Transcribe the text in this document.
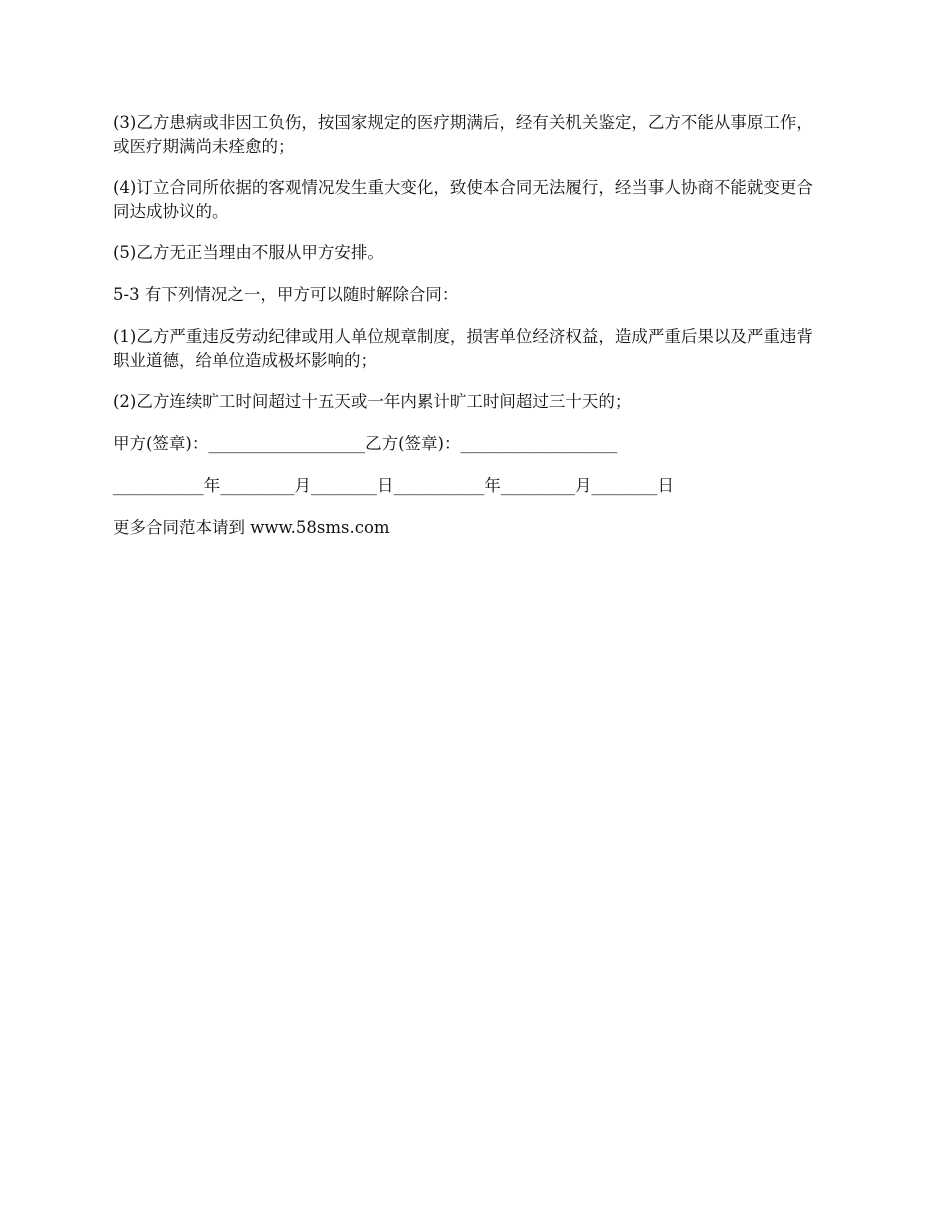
(3)乙方患病或非因工负伤，按国家规定的医疗期满后，经有关机关鉴定，乙方不能从事原工作，或医疗期满尚未痊愈的；

(4)订立合同所依据的客观情况发生重大变化，致使本合同无法履行，经当事人协商不能就变更合同达成协议的。

(5)乙方无正当理由不服从甲方安排。

5-3 有下列情况之一，甲方可以随时解除合同：

(1)乙方严重违反劳动纪律或用人单位规章制度，损害单位经济权益，造成严重后果以及严重违背职业道德，给单位造成极坏影响的；

(2)乙方连续旷工时间超过十五天或一年内累计旷工时间超过三十天的；

甲方(签章)：___________________乙方(签章)：___________________

___________年_________月________日___________年_________月________日

更多合同范本请到 www.58sms.com
